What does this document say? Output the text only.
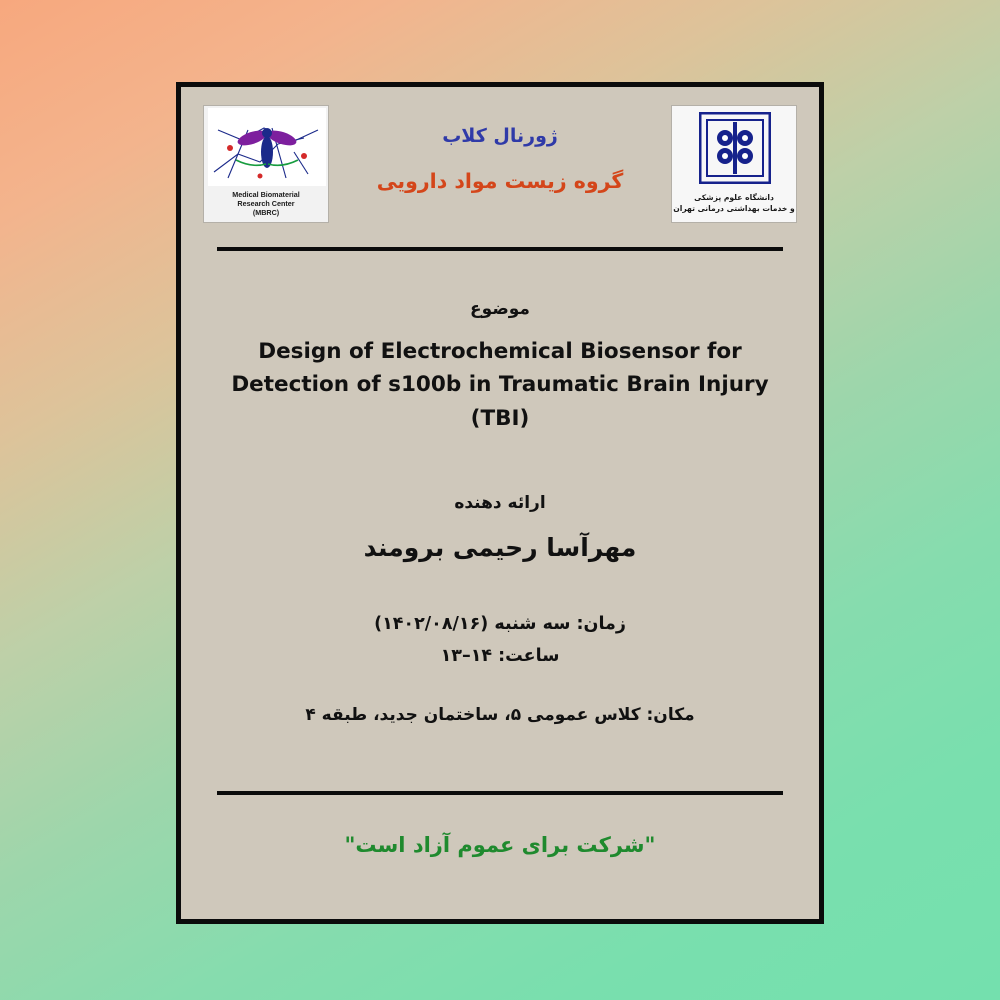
Medical Biomaterial
Research Center
(MBRC)
دانشگاه علوم پزشکی
و خدمات بهداشتی درمانی تهران
ژورنال کلاب
گروه زیست مواد دارویی
موضوع
Design of Electrochemical Biosensor for Detection of s100b in Traumatic Brain Injury (TBI)
ارائه دهنده
مهرآسا رحیمی برومند
زمان: سه شنبه (۱۴۰۲/۰۸/۱۶)
ساعت: ۱۴–۱۳
مکان: کلاس عمومی ۵، ساختمان جدید، طبقه ۴
"شرکت برای عموم آزاد است"
